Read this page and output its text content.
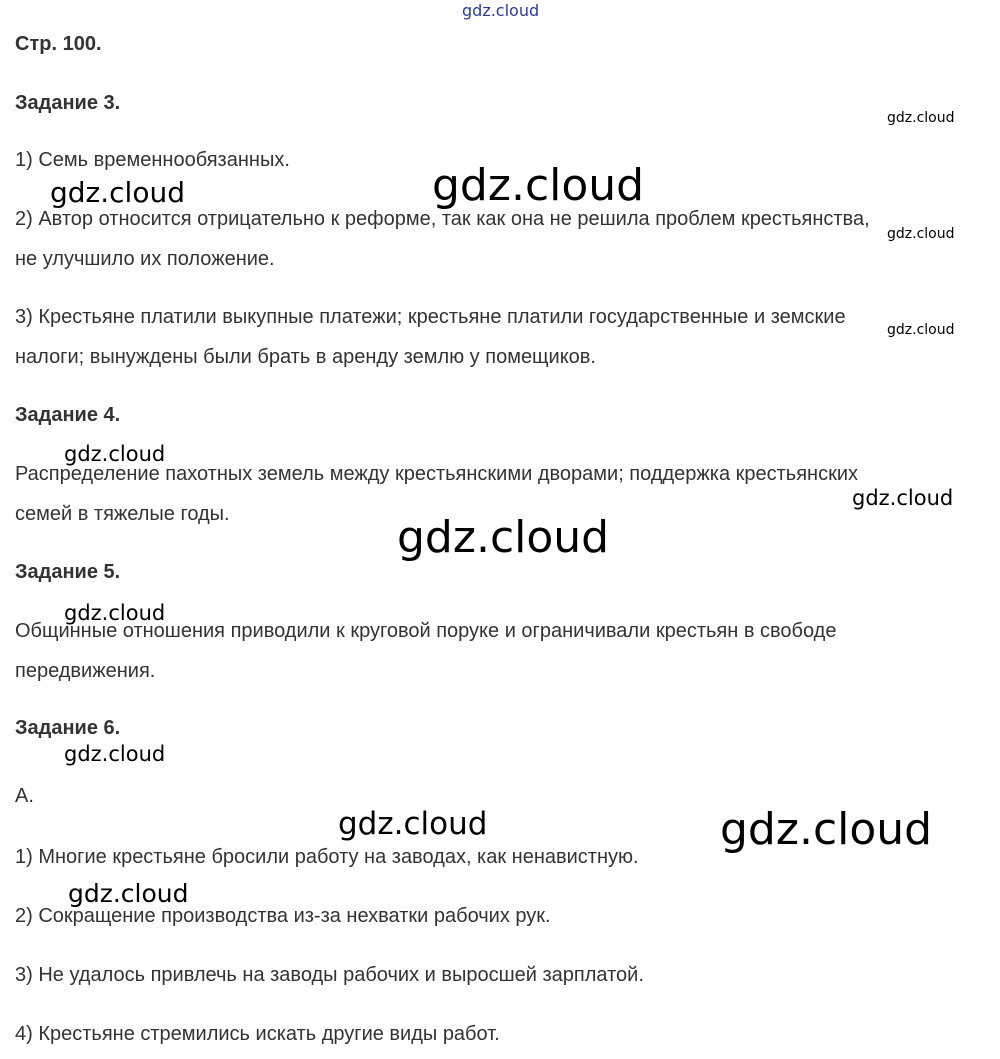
Стр. 100.
Задание 3.
1) Семь временнообязанных.
2) Автор относится отрицательно к реформе, так как она не решила проблем крестьянства,
не улучшило их положение.
3) Крестьяне платили выкупные платежи; крестьяне платили государственные и земские
налоги; вынуждены были брать в аренду землю у помещиков.
Задание 4.
Распределение пахотных земель между крестьянскими дворами; поддержка крестьянских
семей в тяжелые годы.
Задание 5.
Общинные отношения приводили к круговой поруке и ограничивали крестьян в свободе
передвижения.
Задание 6.
А.
1) Многие крестьяне бросили работу на заводах, как ненавистную.
2) Сокращение производства из-за нехватки рабочих рук.
3) Не удалось привлечь на заводы рабочих и выросшей зарплатой.
4) Крестьяне стремились искать другие виды работ.
gdz.cloud
gdz.cloud
gdz.cloud	gdz.cloud
gdz.cloud
gdz.cloud
gdz.cloud
gdz.cloud
gdz.cloud
gdz.cloud
gdz.cloud
gdz.cloud	gdz.cloud
gdz.cloud
